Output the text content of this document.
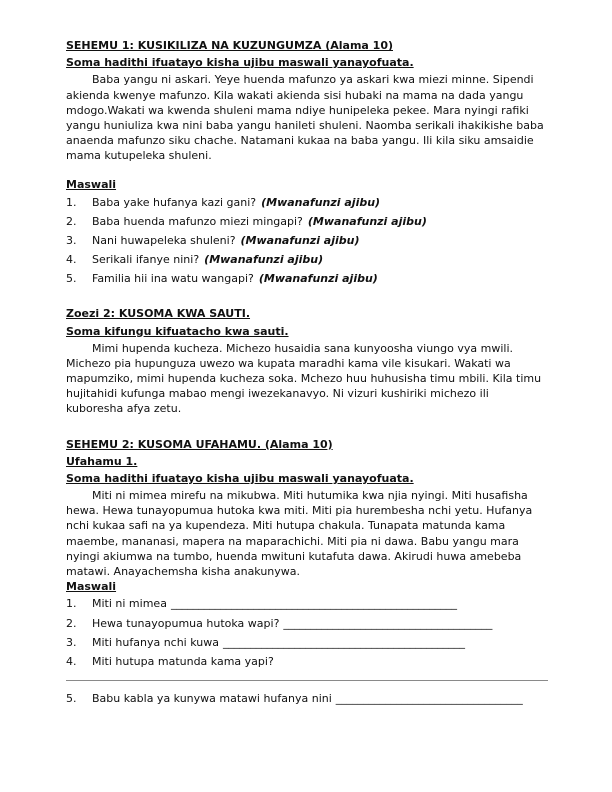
SEHEMU 1: KUSIKILIZA NA KUZUNGUMZA (Alama 10)
Soma hadithi ifuatayo kisha ujibu maswali yanayofuata.

Baba yangu ni askari. Yeye huenda mafunzo ya askari kwa miezi minne. Sipendi akienda kwenye mafunzo. Kila wakati akienda sisi hubaki na mama na dada yangu mdogo.Wakati wa kwenda shuleni mama ndiye hunipeleka pekee. Mara nyingi rafiki yangu huniuliza kwa nini baba yangu hanileti shuleni. Naomba serikali ihakikishe baba anaenda mafunzo siku chache. Natamani kukaa na baba yangu. Ili kila siku amsaidie mama kutupeleka shuleni.

Maswali
1.	Baba yake hufanya kazi gani? (Mwanafunzi ajibu)
2.	Baba huenda mafunzo miezi mingapi? (Mwanafunzi ajibu)
3.	Nani huwapeleka shuleni? (Mwanafunzi ajibu)
4.	Serikali ifanye nini? (Mwanafunzi ajibu)
5.	Familia hii ina watu wangapi? (Mwanafunzi ajibu)
Zoezi 2: KUSOMA KWA SAUTI.
Soma kifungu kifuatacho kwa sauti.

Mimi hupenda kucheza. Michezo husaidia sana kunyoosha viungo vya mwili. Michezo pia hupunguza uwezo wa kupata maradhi kama vile kisukari. Wakati wa mapumziko, mimi hupenda kucheza soka. Mchezo huu huhusisha timu mbili. Kila timu hujitahidi kufunga mabao mengi iwezekanavyo. Ni vizuri kushiriki michezo ili kuboresha afya zetu.

SEHEMU 2: KUSOMA UFAHAMU. (Alama 10)
Ufahamu 1.
Soma hadithi ifuatayo kisha ujibu maswali yanayofuata.

Miti ni mimea mirefu na mikubwa. Miti hutumika kwa njia nyingi. Miti husafisha hewa. Hewa tunayopumua hutoka kwa miti. Miti pia hurembesha nchi yetu. Hufanya nchi kukaa safi na ya kupendeza. Miti hutupa chakula. Tunapata matunda kama maembe, mananasi, mapera na maparachichi. Miti pia ni dawa. Babu yangu mara nyingi akiumwa na tumbo, huenda mwituni kutafuta dawa. Akirudi huwa amebeba matawi. Anayachemsha kisha anakunywa.

Maswali
1.	Miti ni mimea ____________________________________________________
2.	Hewa tunayopumua hutoka wapi? ______________________________________
3.	Miti hufanya nchi kuwa ____________________________________________
4.	Miti hutupa matunda kama yapi?
5.	Babu kabla ya kunywa matawi hufanya nini __________________________________
